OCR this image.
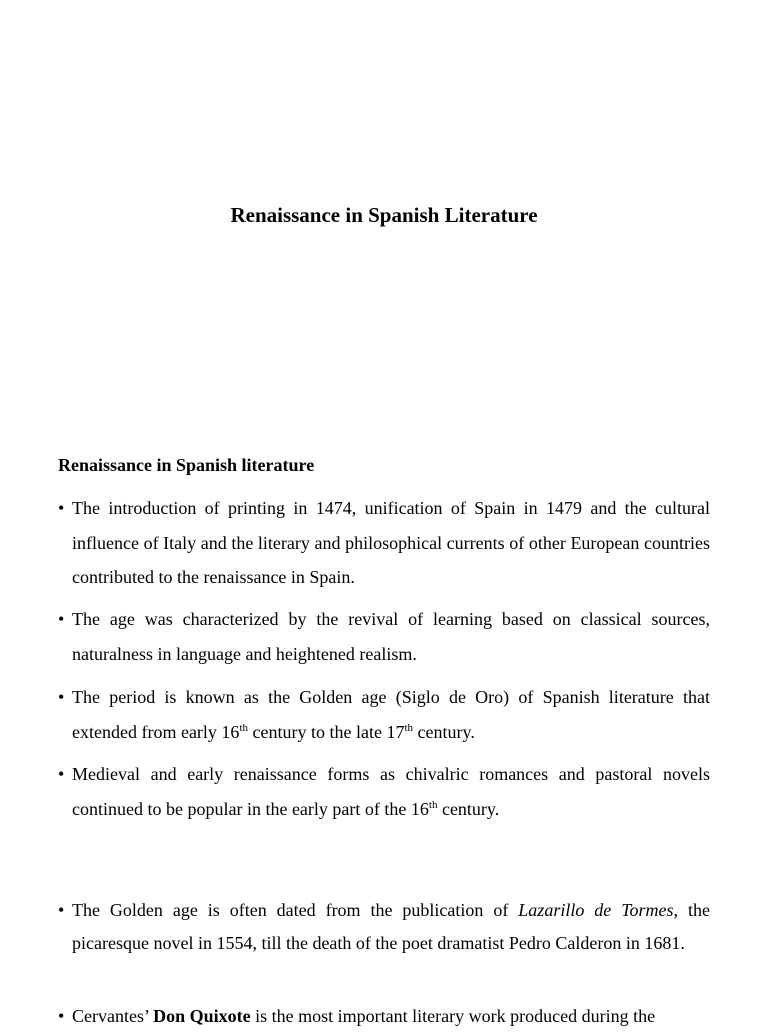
Renaissance in Spanish Literature
Renaissance in Spanish literature
• The introduction of printing in 1474, unification of Spain in 1479 and the cultural influence of Italy and the literary and philosophical currents of other European countries contributed to the renaissance in Spain.
• The age was characterized by the revival of learning based on classical sources, naturalness in language and heightened realism.
• The period is known as the Golden age (Siglo de Oro) of Spanish literature that extended from early 16th century to the late 17th century.
• Medieval and early renaissance forms as chivalric romances and pastoral novels continued to be popular in the early part of the 16th century.
• The Golden age is often dated from the publication of Lazarillo de Tormes, the picaresque novel in 1554, till the death of the poet dramatist Pedro Calderon in 1681.
• Cervantes’ Don Quixote is the most important literary work produced during the
